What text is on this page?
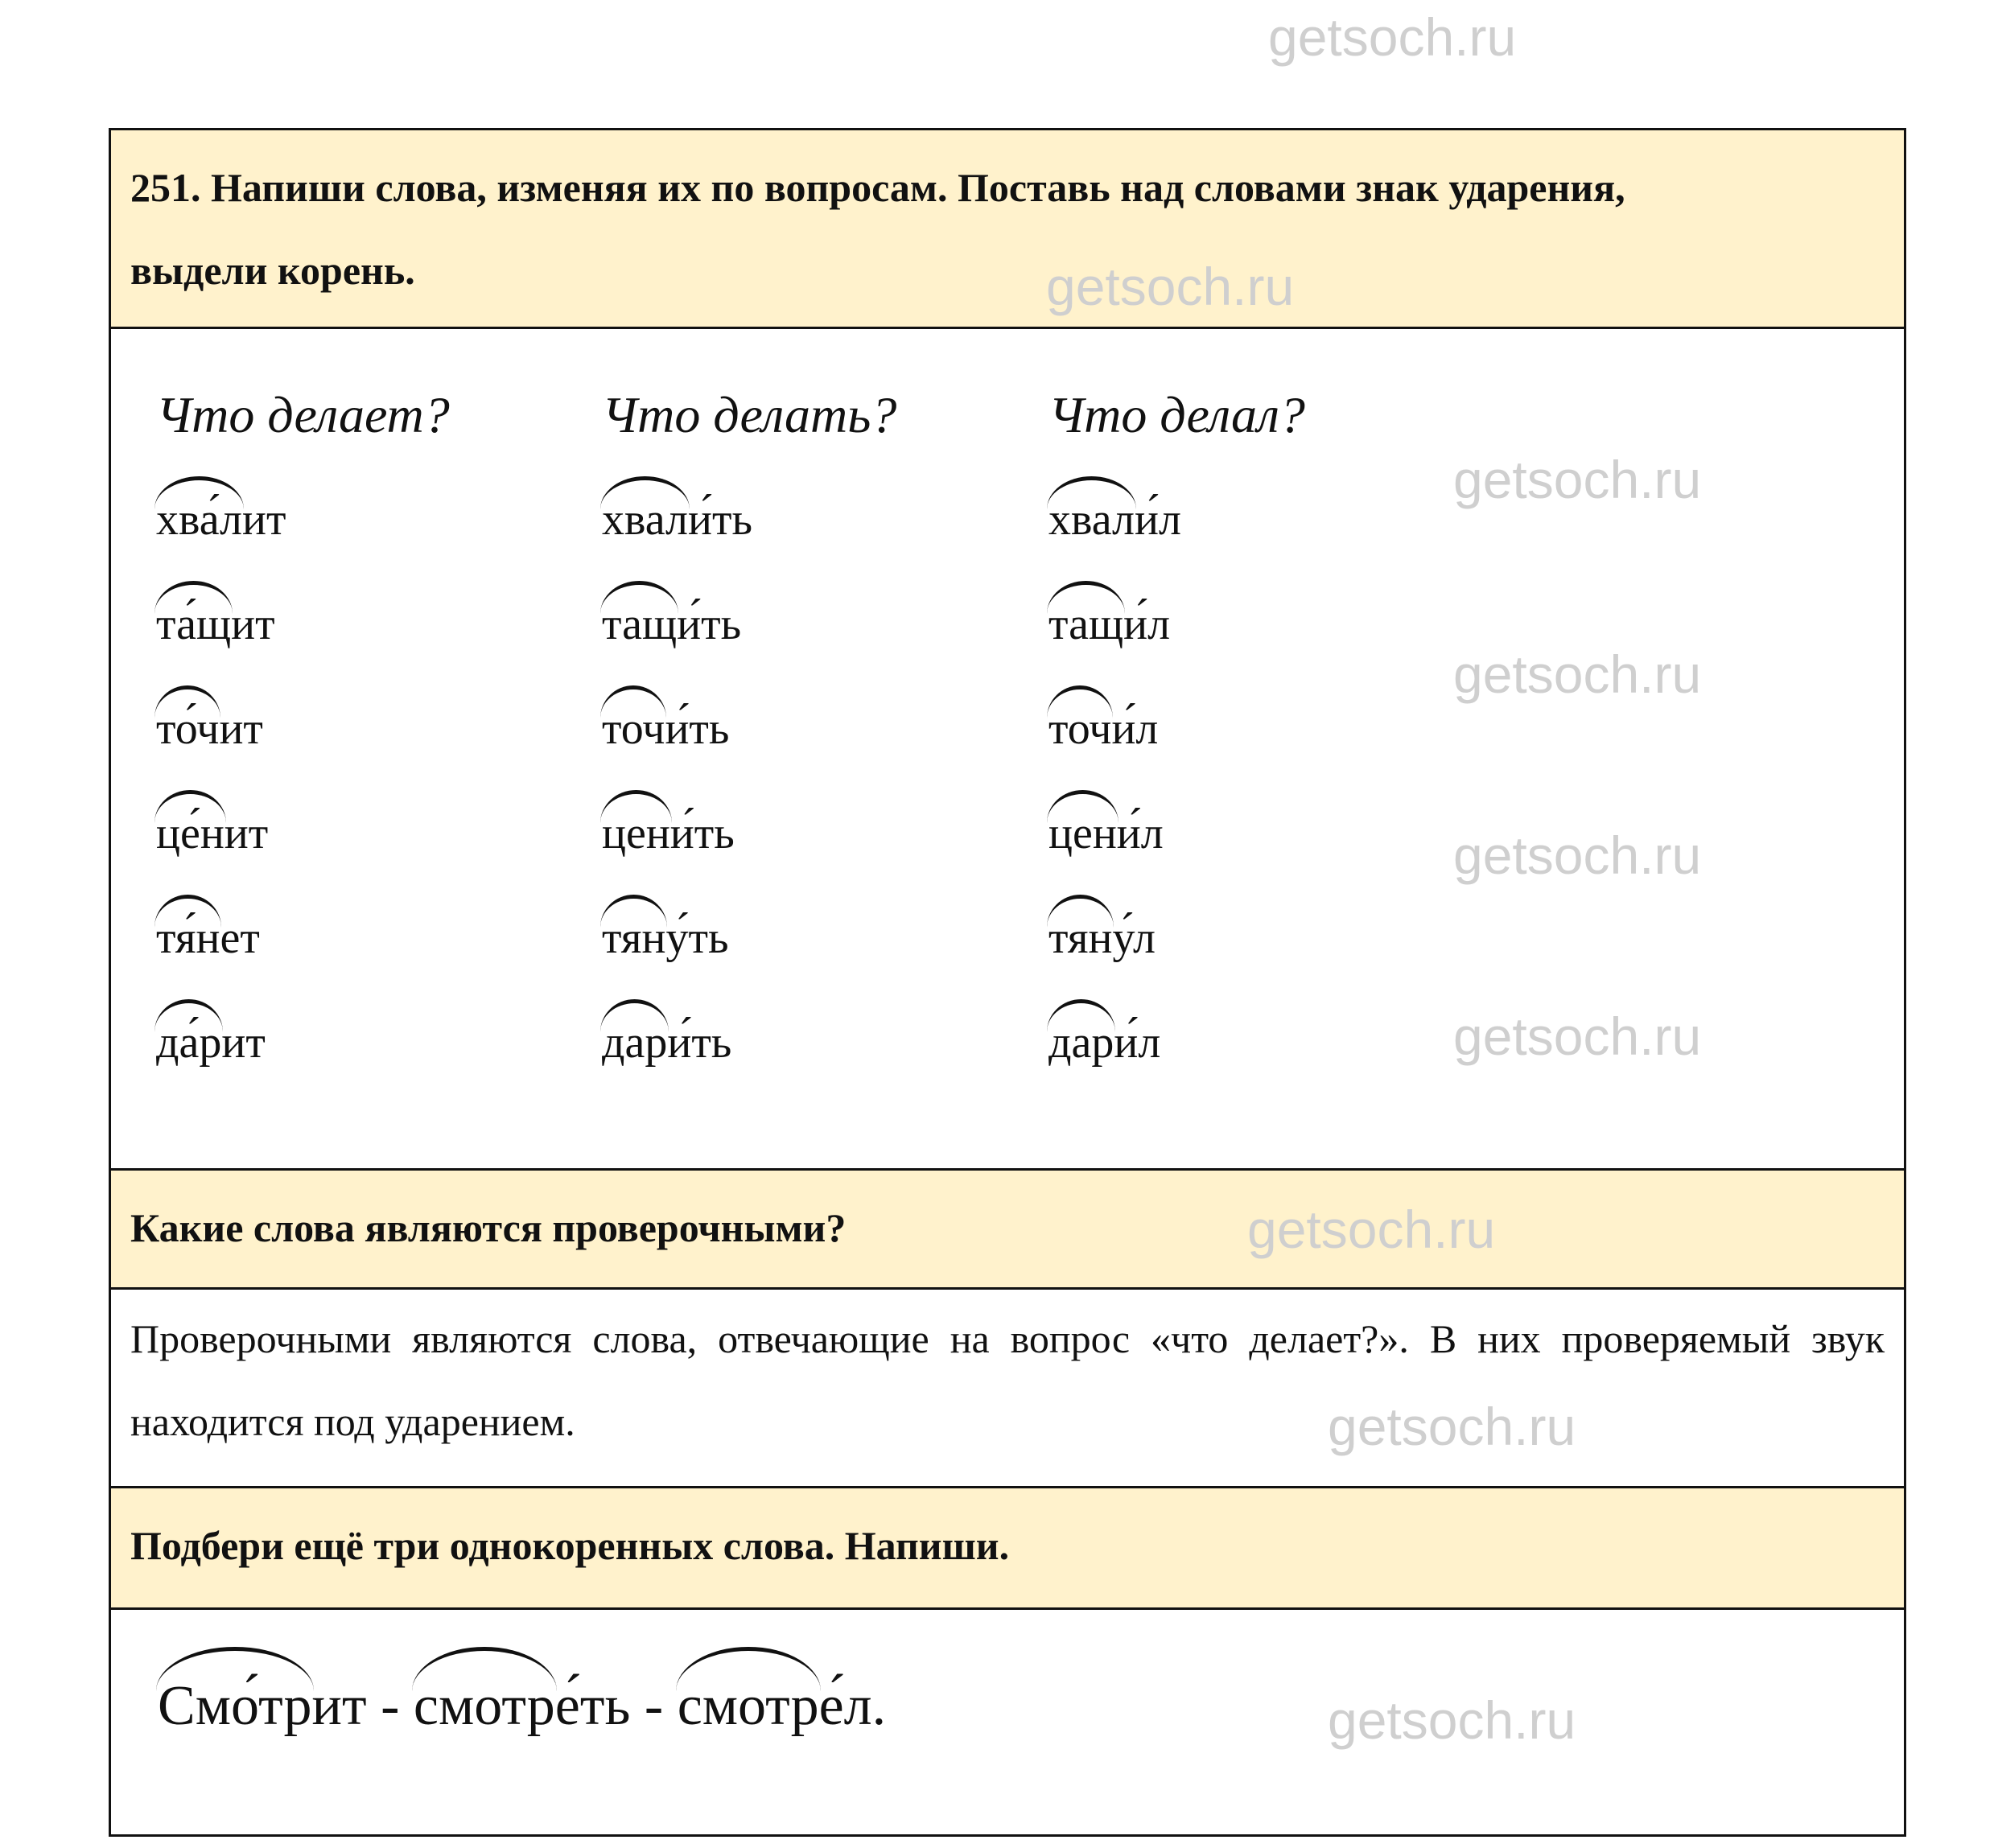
getsoch.ru
getsoch.ru
getsoch.ru
getsoch.ru
getsoch.ru
getsoch.ru
getsoch.ru
getsoch.ru
getsoch.ru
251. Напиши слова, изменяя их по вопросам. Поставь над словами знак ударения,
выдели корень.
Что делает?
хва́лит
та́щит
то́чит
це́нит
тя́нет
да́рит
Что делать?
хвали́ть
тащи́ть
точи́ть
цени́ть
тяну́ть
дари́ть
Что делал?
хвали́л
тащи́л
точи́л
цени́л
тяну́л
дари́л
Какие слова являются проверочными?
Проверочными являются слова, отвечающие на вопрос «что делает?». В них проверяемый звук находится под ударением.
Подбери ещё три однокоренных слова. Напиши.
Смо́трит - смотре́ть - смотре́л.
